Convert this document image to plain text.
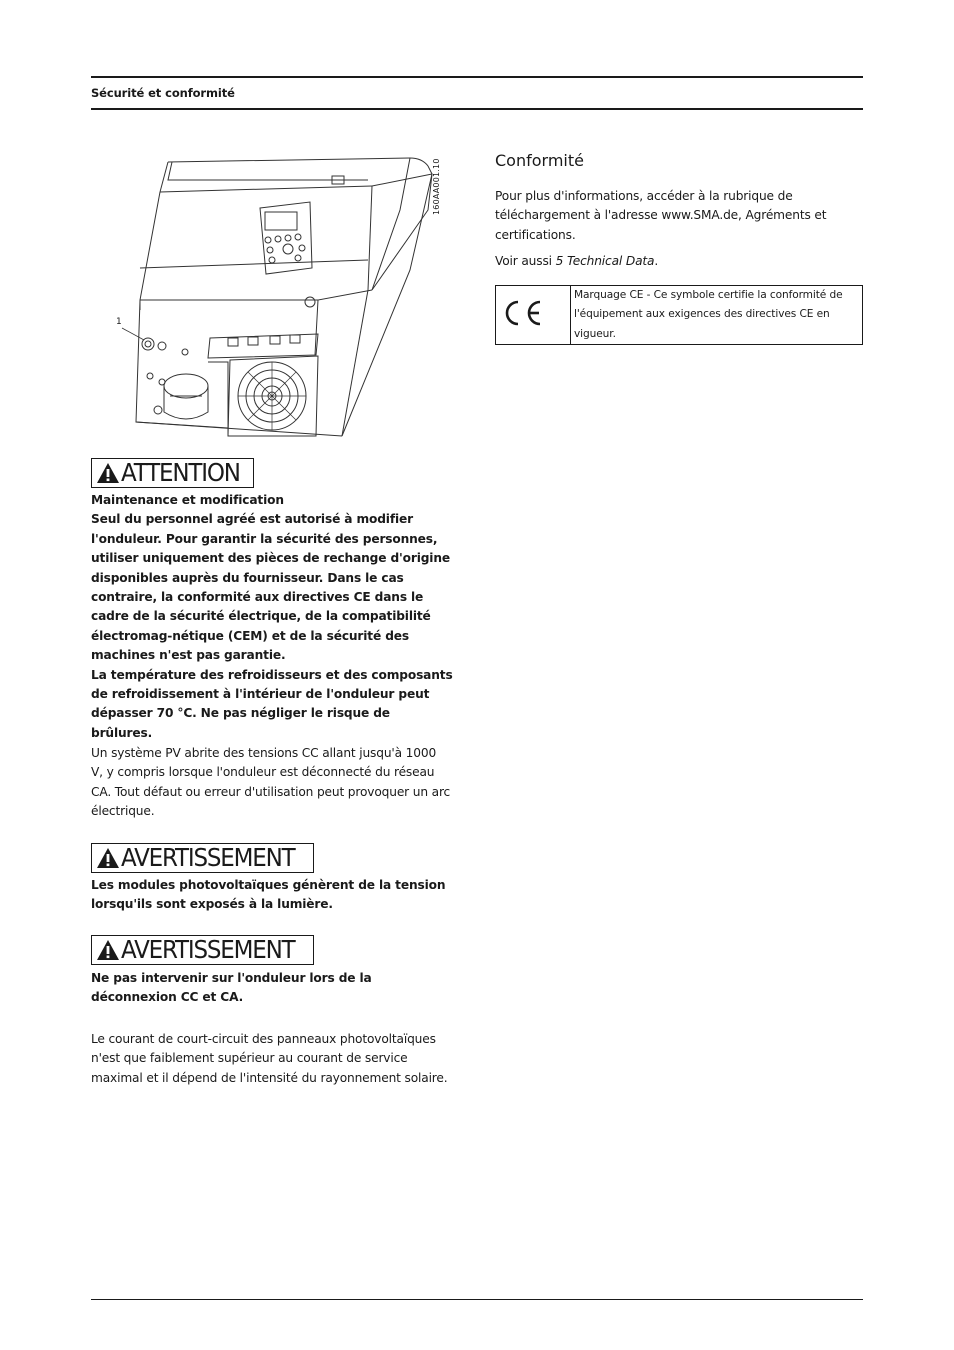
Sécurité et conformité
160AA001.10
1
ATTENTION

Maintenance et modification

Seul du personnel agréé est autorisé à modifier l'onduleur. Pour garantir la sécurité des personnes, utiliser uniquement des pièces de rechange d'origine disponibles auprès du fournisseur. Dans le cas contraire, la conformité aux directives CE dans le cadre de la sécurité électrique, de la compatibilité électromag-nétique (CEM) et de la sécurité des machines n'est pas garantie.

La température des refroidisseurs et des composants de refroidissement à l'intérieur de l'onduleur peut dépasser 70 °C. Ne pas négliger le risque de brûlures.

Un système PV abrite des tensions CC allant jusqu'à 1000 V, y compris lorsque l'onduleur est déconnecté du réseau CA. Tout défaut ou erreur d'utilisation peut provoquer un arc électrique.

AVERTISSEMENT
Les modules photovoltaïques génèrent de la tension lorsqu'ils sont exposés à la lumière.
AVERTISSEMENT
Ne pas intervenir sur l'onduleur lors de la déconnexion CC et CA.

Le courant de court-circuit des panneaux photovoltaïques n'est que faiblement supérieur au courant de service maximal et il dépend de l'intensité du rayonnement solaire.

Conformité

Pour plus d'informations, accéder à la rubrique de téléchargement à l'adresse www.SMA.de, Agréments et certifications.

Voir aussi 5 Technical Data.

	Marquage CE - Ce symbole certifie la conformité de l'équipement aux exigences des directives CE en vigueur.
